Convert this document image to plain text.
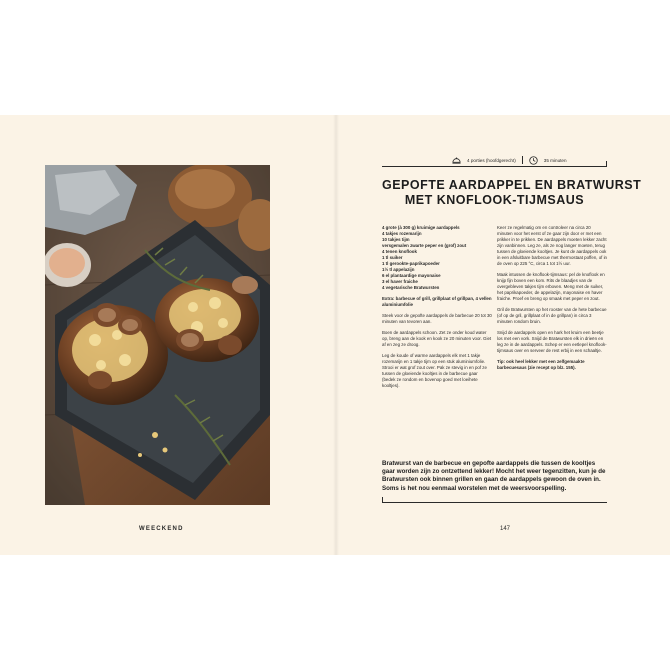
WEECKEND
4 porties (hoofdgerecht)	35 minuten
GEPOFTE AARDAPPEL EN BRATWURST
MET KNOFLOOK-TIJMSAUS
4 grote (à 300 g) kruimige aardappels
4 takjes rozemarijn
10 takjes tijm
versgemalen zwarte peper en (grof) zout
4 tenen knoflook
1 tl suiker
1 tl gerookte-paprikapoeder
1½ tl appelazijn
6 el plantaardige mayonaise
3 el haver fraiche
4 vegetarische Bratwursten

Extra: barbecue of grill, grillplaat of grillpan, 4 vellen aluminiumfolie

Steek voor de gepofte aardappels de barbecue 20 tot 30 minuten van tevoren aan.

Boen de aardappels schoon. Zet ze onder koud water op, breng aan de kook en kook ze 20 minuten voor. Giet af en zeg ze droog.

Leg de koude of warme aardappels elk met 1 takje rozemarijn en 1 takje tijm op een stuk aluminiumfolie. Strooi er wat grof zout over. Pak ze stevig in en pof ze tussen de gloeiende kooltjes in de barbecue gaar (bedek ze rondom en bovenop goed met loeihete kooltjes).

Keer ze regelmatig om en controleer na circa 20 minuten voor het eerst of ze gaar zijn door er met een prikker in te prikken. De aardappels moeten lekker zacht zijn vanbinnen. Leg ze, als ze nog langer moeten, terug tussen de gloeiende kooltjes. Je kunt de aardappels ook in een afsluitbare barbecue met thermostaat poffen, of in de oven op 225 °C, circa 1 tot 1½ uur.

Maak intussen de knoflook-tijmsaus: pel de knoflook en knijp fijn boven een kom. Rits de blaadjes van de overgebleven takjes tijm erboven. Meng met de suiker, het paprikapoeder, de appelazijn, mayonaise en haver fraiche. Proef en breng op smaak met peper en zout.

Gril de Bratwursten op het rooster van de hete barbecue (of op de gril, grillplaat of in de grillpan) in circa 3 minuten rondom bruin.

Snijd de aardappels open en hark het kruim een beetje los met een vork. Snijd de Bratwursten elk in drieën en leg ze in de aardappels. Schep er een eetlepel knoflook-tijmsaus over en serveer de rest erbij in een schaaltje.

Tip: ook heel lekker met een zelfgemaakte barbecuesaus (zie recept op blz. 155).

Bratwurst van de barbecue en gepofte aardappels die tussen de kooltjes gaar worden zijn zo ontzettend lekker! Mocht het weer tegenzitten, kun je de Bratwursten ook binnen grillen en gaan de aardappels gewoon de oven in. Soms is het nou eenmaal worstelen met de weersvoorspelling.
147
